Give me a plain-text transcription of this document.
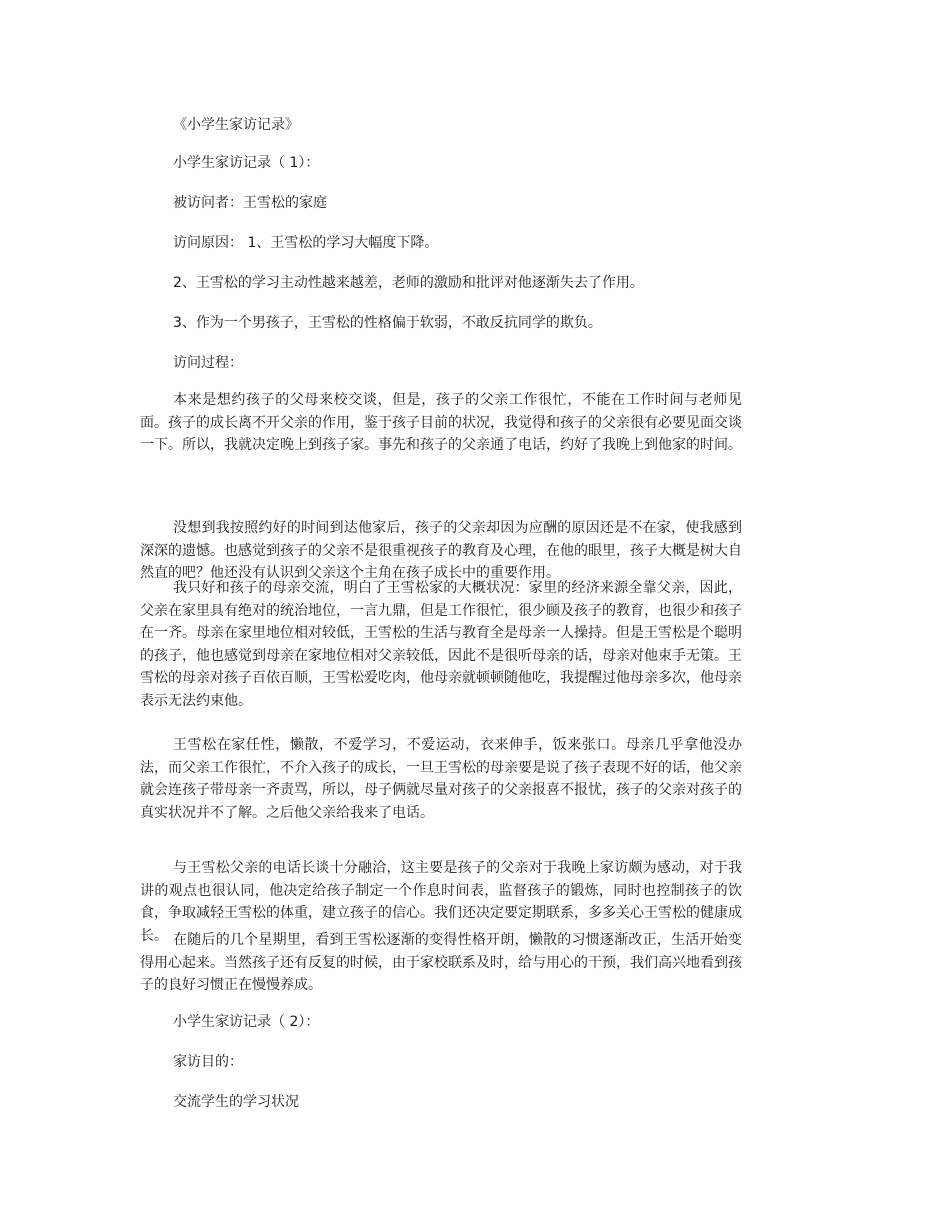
《小学生家访记录》
小学生家访记录（ 1）：
被访问者：王雪松的家庭
访问原因： 1、王雪松的学习大幅度下降。
2、王雪松的学习主动性越来越差，老师的激励和批评对他逐渐失去了作用。
3、作为一个男孩子，王雪松的性格偏于软弱，不敢反抗同学的欺负。
访问过程：

本来是想约孩子的父母来校交谈，但是，孩子的父亲工作很忙，不能在工作时间与老师见面。孩子的成长离不开父亲的作用，鉴于孩子目前的状况，我觉得和孩子的父亲很有必要见面交谈一下。所以，我就决定晚上到孩子家。事先和孩子的父亲通了电话，约好了我晚上到他家的时间。

没想到我按照约好的时间到达他家后，孩子的父亲却因为应酬的原因还是不在家，使我感到深深的遗憾。也感觉到孩子的父亲不是很重视孩子的教育及心理，在他的眼里，孩子大概是树大自然直的吧？他还没有认识到父亲这个主角在孩子成长中的重要作用。

我只好和孩子的母亲交流，明白了王雪松家的大概状况：家里的经济来源全靠父亲，因此，父亲在家里具有绝对的统治地位，一言九鼎，但是工作很忙，很少顾及孩子的教育，也很少和孩子在一齐。母亲在家里地位相对较低，王雪松的生活与教育全是母亲一人操持。但是王雪松是个聪明的孩子，他也感觉到母亲在家地位相对父亲较低，因此不是很听母亲的话，母亲对他束手无策。王雪松的母亲对孩子百依百顺，王雪松爱吃肉，他母亲就顿顿随他吃，我提醒过他母亲多次，他母亲表示无法约束他。

王雪松在家任性，懒散，不爱学习，不爱运动，衣来伸手，饭来张口。母亲几乎拿他没办法，而父亲工作很忙，不介入孩子的成长，一旦王雪松的母亲要是说了孩子表现不好的话，他父亲就会连孩子带母亲一齐责骂，所以，母子俩就尽量对孩子的父亲报喜不报忧，孩子的父亲对孩子的真实状况并不了解。之后他父亲给我来了电话。

与王雪松父亲的电话长谈十分融洽，这主要是孩子的父亲对于我晚上家访颇为感动，对于我讲的观点也很认同，他决定给孩子制定一个作息时间表，监督孩子的锻炼，同时也控制孩子的饮食，争取减轻王雪松的体重，建立孩子的信心。我们还决定要定期联系，多多关心王雪松的健康成长。 在随后的几个星期里，看到王雪松逐渐的变得性格开朗，懒散的习惯逐渐改正，生活开始变得用心起来。当然孩子还有反复的时候，由于家校联系及时，给与用心的干预，我们高兴地看到孩子的良好习惯正在慢慢养成。

小学生家访记录（ 2）：
家访目的：
交流学生的学习状况
